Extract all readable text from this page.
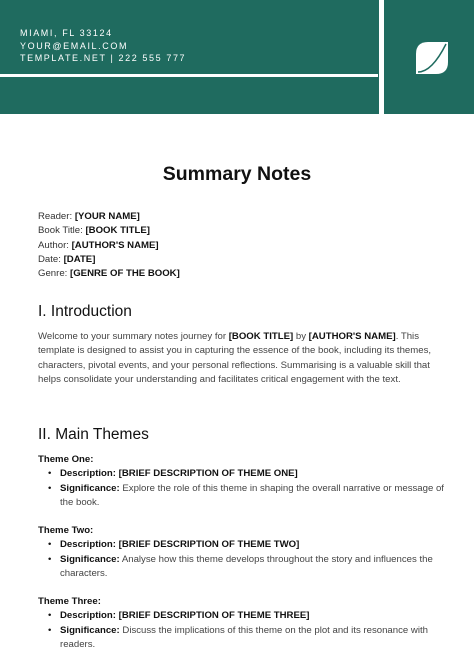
MIAMI, FL 33124
YOUR@EMAIL.COM
TEMPLATE.NET | 222 555 777
Summary Notes
Reader: [YOUR NAME]
Book Title: [BOOK TITLE]
Author: [AUTHOR'S NAME]
Date: [DATE]
Genre: [GENRE OF THE BOOK]
I. Introduction
Welcome to your summary notes journey for [BOOK TITLE] by [AUTHOR'S NAME]. This template is designed to assist you in capturing the essence of the book, including its themes, characters, pivotal events, and your personal reflections. Summarising is a valuable skill that helps consolidate your understanding and facilitates critical engagement with the text.
II. Main Themes
Theme One:
• Description: [BRIEF DESCRIPTION OF THEME ONE]
• Significance: Explore the role of this theme in shaping the overall narrative or message of the book.
Theme Two:
• Description: [BRIEF DESCRIPTION OF THEME TWO]
• Significance: Analyse how this theme develops throughout the story and influences the characters.
Theme Three:
• Description: [BRIEF DESCRIPTION OF THEME THREE]
• Significance: Discuss the implications of this theme on the plot and its resonance with readers.
